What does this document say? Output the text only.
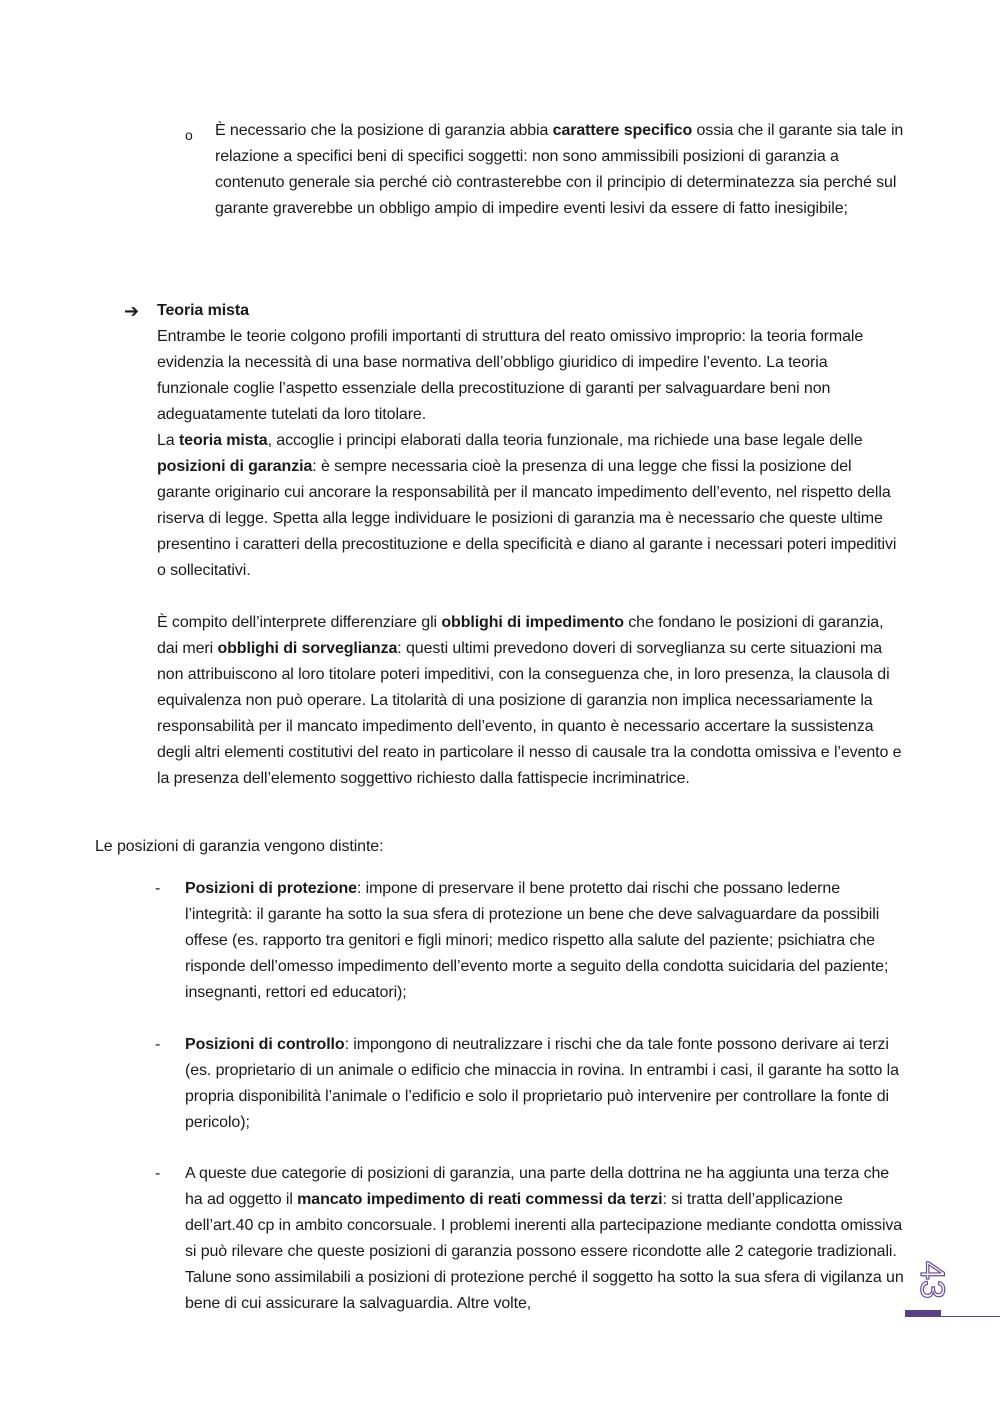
o È necessario che la posizione di garanzia abbia carattere specifico ossia che il garante sia tale in relazione a specifici beni di specifici soggetti: non sono ammissibili posizioni di garanzia a contenuto generale sia perché ciò contrasterebbe con il principio di determinatezza sia perché sul garante graverebbe un obbligo ampio di impedire eventi lesivi da essere di fatto inesigibile;
➔ Teoria mista
Entrambe le teorie colgono profili importanti di struttura del reato omissivo improprio: la teoria formale evidenzia la necessità di una base normativa dell’obbligo giuridico di impedire l’evento. La teoria funzionale coglie l’aspetto essenziale della precostituzione di garanti per salvaguardare beni non adeguatamente tutelati da loro titolare.
La teoria mista, accoglie i principi elaborati dalla teoria funzionale, ma richiede una base legale delle posizioni di garanzia: è sempre necessaria cioè la presenza di una legge che fissi la posizione del garante originario cui ancorare la responsabilità per il mancato impedimento dell’evento, nel rispetto della riserva di legge. Spetta alla legge individuare le posizioni di garanzia ma è necessario che queste ultime presentino i caratteri della precostituzione e della specificità e diano al garante i necessari poteri impeditivi o sollecitativi.
È compito dell’interprete differenziare gli obblighi di impedimento che fondano le posizioni di garanzia, dai meri obblighi di sorveglianza: questi ultimi prevedono doveri di sorveglianza su certe situazioni ma non attribuiscono al loro titolare poteri impeditivi, con la conseguenza che, in loro presenza, la clausola di equivalenza non può operare. La titolarità di una posizione di garanzia non implica necessariamente la responsabilità per il mancato impedimento dell’evento, in quanto è necessario accertare la sussistenza degli altri elementi costitutivi del reato in particolare il nesso di causale tra la condotta omissiva e l’evento e la presenza dell’elemento soggettivo richiesto dalla fattispecie incriminatrice.
Le posizioni di garanzia vengono distinte:
- Posizioni di protezione: impone di preservare il bene protetto dai rischi che possano lederne l’integrità: il garante ha sotto la sua sfera di protezione un bene che deve salvaguardare da possibili offese (es. rapporto tra genitori e figli minori; medico rispetto alla salute del paziente; psichiatra che risponde dell’omesso impedimento dell’evento morte a seguito della condotta suicidaria del paziente; insegnanti, rettori ed educatori);
- Posizioni di controllo: impongono di neutralizzare i rischi che da tale fonte possono derivare ai terzi (es. proprietario di un animale o edificio che minaccia in rovina. In entrambi i casi, il garante ha sotto la propria disponibilità l’animale o l’edificio e solo il proprietario può intervenire per controllare la fonte di pericolo);
- A queste due categorie di posizioni di garanzia, una parte della dottrina ne ha aggiunta una terza che ha ad oggetto il mancato impedimento di reati commessi da terzi: si tratta dell’applicazione dell’art.40 cp in ambito concorsuale. I problemi inerenti alla partecipazione mediante condotta omissiva si può rilevare che queste posizioni di garanzia possono essere ricondotte alle 2 categorie tradizionali. Talune sono assimilabili a posizioni di protezione perché il soggetto ha sotto la sua sfera di vigilanza un bene di cui assicurare la salvaguardia. Altre volte,
43
